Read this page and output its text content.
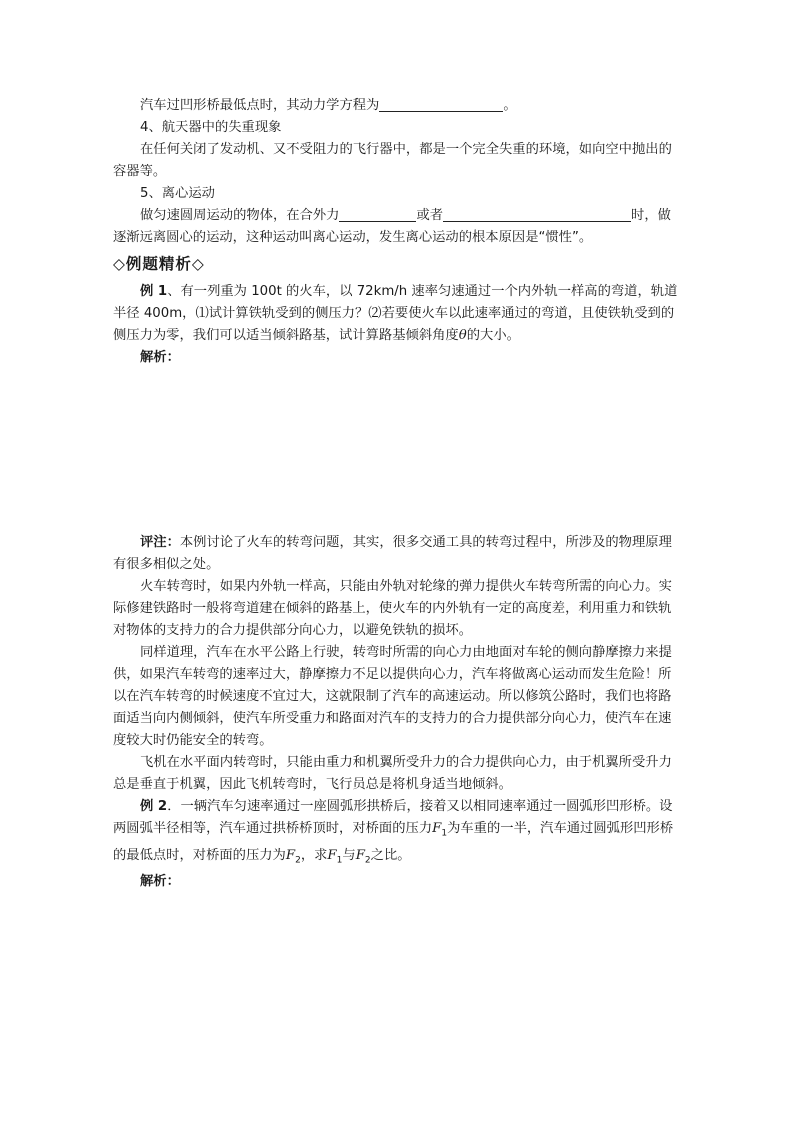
汽车过凹形桥最低点时，其动力学方程为	。

4、航天器中的失重现象

在任何关闭了发动机、又不受阻力的飞行器中，都是一个完全失重的环境，如向空中抛出的容器等。

5、离心运动

做匀速圆周运动的物体，在合外力	或者	时，做逐渐远离圆心的运动，这种运动叫离心运动，发生离心运动的根本原因是“惯性”。

◇例题精析◇

例 1、有一列重为 100t 的火车，以 72km/h 速率匀速通过一个内外轨一样高的弯道，轨道半径 400m，⑴试计算铁轨受到的侧压力？⑵若要使火车以此速率通过的弯道，且使铁轨受到的侧压力为零，我们可以适当倾斜路基，试计算路基倾斜角度θ的大小。

解析：

评注：本例讨论了火车的转弯问题，其实，很多交通工具的转弯过程中，所涉及的物理原理有很多相似之处。

火车转弯时，如果内外轨一样高，只能由外轨对轮缘的弹力提供火车转弯所需的向心力。实际修建铁路时一般将弯道建在倾斜的路基上，使火车的内外轨有一定的高度差，利用重力和铁轨对物体的支持力的合力提供部分向心力，以避免铁轨的损坏。

同样道理，汽车在水平公路上行驶，转弯时所需的向心力由地面对车轮的侧向静摩擦力来提供，如果汽车转弯的速率过大，静摩擦力不足以提供向心力，汽车将做离心运动而发生危险！所以在汽车转弯的时候速度不宜过大，这就限制了汽车的高速运动。所以修筑公路时，我们也将路面适当向内侧倾斜，使汽车所受重力和路面对汽车的支持力的合力提供部分向心力，使汽车在速度较大时仍能安全的转弯。

飞机在水平面内转弯时，只能由重力和机翼所受升力的合力提供向心力，由于机翼所受升力总是垂直于机翼，因此飞机转弯时，飞行员总是将机身适当地倾斜。

例 2．一辆汽车匀速率通过一座圆弧形拱桥后，接着又以相同速率通过一圆弧形凹形桥。设两圆弧半径相等，汽车通过拱桥桥顶时，对桥面的压力$F_1$为车重的一半，汽车通过圆弧形凹形桥的最低点时，对桥面的压力为$F_2$，求$F_1$与$F_2$之比。

解析：
